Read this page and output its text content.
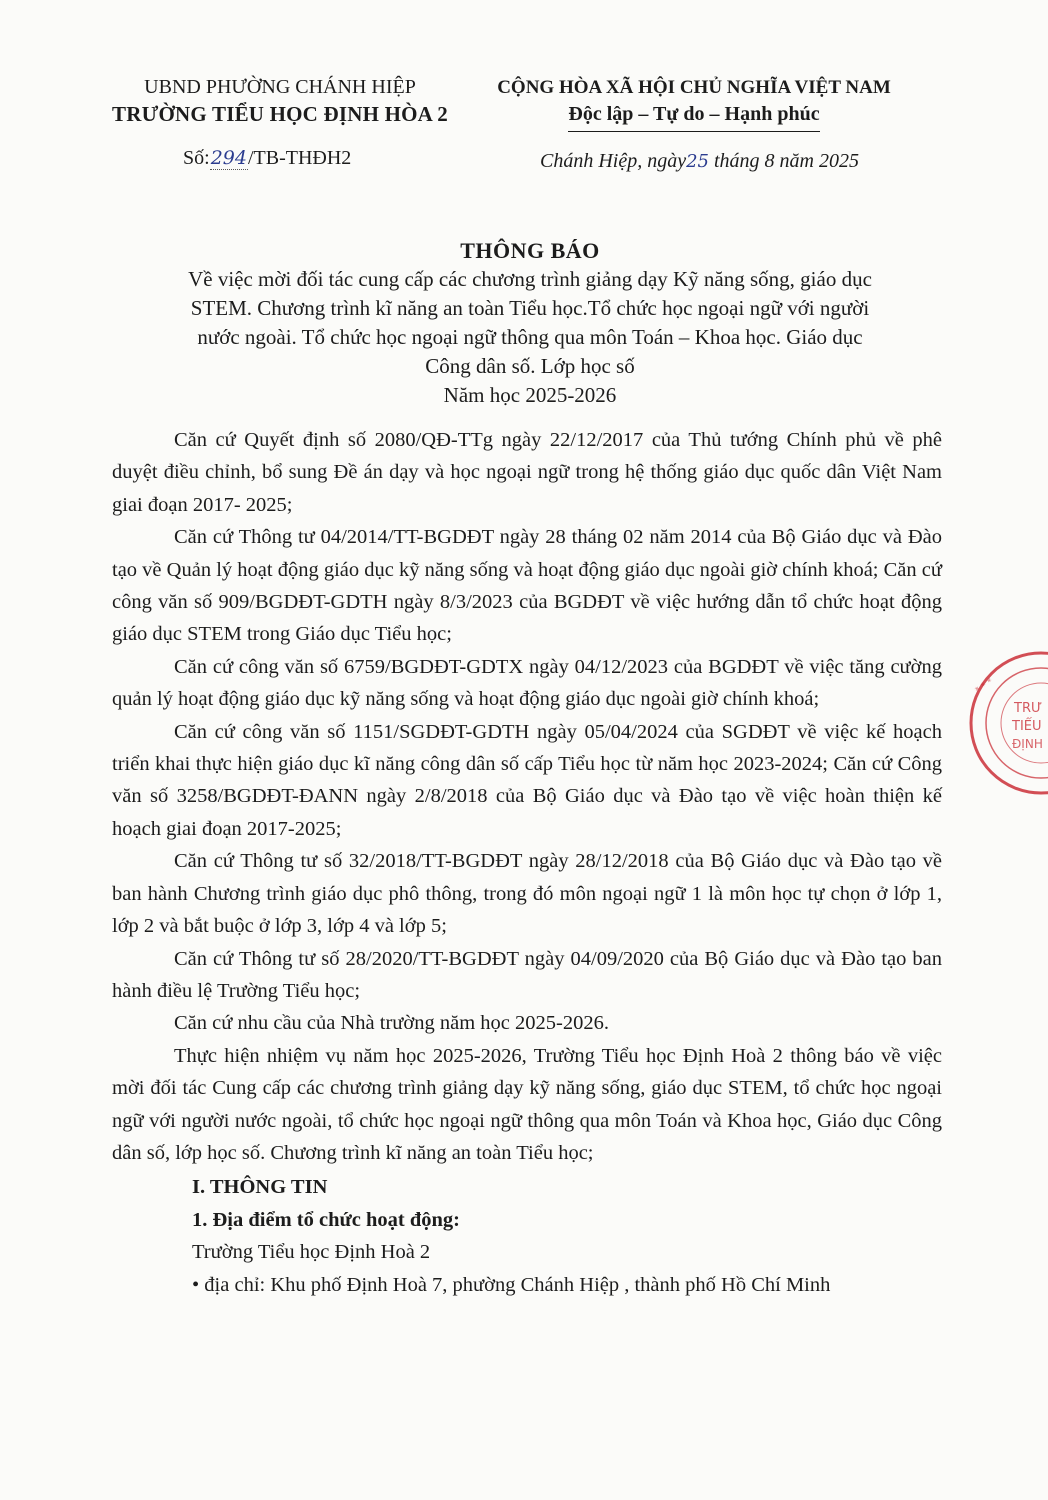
UBND PHƯỜNG CHÁNH HIỆP
TRƯỜNG TIỂU HỌC ĐỊNH HÒA 2
CỘNG HÒA XÃ HỘI CHỦ NGHĨA VIỆT NAM
Độc lập – Tự do – Hạnh phúc
Số:294/TB-THĐH2	Chánh Hiệp, ngày25 tháng 8 năm 2025
THÔNG BÁO
Về việc mời đối tác cung cấp các chương trình giảng dạy Kỹ năng sống, giáo dục
STEM. Chương trình kĩ năng an toàn Tiểu học.Tổ chức học ngoại ngữ với người
nước ngoài. Tổ chức học ngoại ngữ thông qua môn Toán – Khoa học. Giáo dục
Công dân số. Lớp học số
Năm học 2025-2026

Căn cứ Quyết định số 2080/QĐ-TTg ngày 22/12/2017 của Thủ tướng Chính phủ về phê duyệt điều chỉnh, bổ sung Đề án dạy và học ngoại ngữ trong hệ thống giáo dục quốc dân Việt Nam giai đoạn 2017- 2025;

Căn cứ Thông tư 04/2014/TT-BGDĐT ngày 28 tháng 02 năm 2014 của Bộ Giáo dục và Đào tạo về Quản lý hoạt động giáo dục kỹ năng sống và hoạt động giáo dục ngoài giờ chính khoá; Căn cứ công văn số 909/BGDĐT-GDTH ngày 8/3/2023 của BGDĐT về việc hướng dẫn tổ chức hoạt động giáo dục STEM trong Giáo dục Tiểu học;

Căn cứ công văn số 6759/BGDĐT-GDTX ngày 04/12/2023 của BGDĐT về việc tăng cường quản lý hoạt động giáo dục kỹ năng sống và hoạt động giáo dục ngoài giờ chính khoá;

Căn cứ công văn số 1151/SGDĐT-GDTH ngày 05/04/2024 của SGDĐT về việc kế hoạch triển khai thực hiện giáo dục kĩ năng công dân số cấp Tiểu học từ năm học 2023-2024; Căn cứ Công văn số 3258/BGDĐT-ĐANN ngày 2/8/2018 của Bộ Giáo dục và Đào tạo về việc hoàn thiện kế hoạch giai đoạn 2017-2025;

Căn cứ Thông tư số 32/2018/TT-BGDĐT ngày 28/12/2018 của Bộ Giáo dục và Đào tạo về ban hành Chương trình giáo dục phô thông, trong đó môn ngoại ngữ 1 là môn học tự chọn ở lớp 1, lớp 2 và bắt buộc ở lớp 3, lớp 4 và lớp 5;

Căn cứ Thông tư số 28/2020/TT-BGDĐT ngày 04/09/2020 của Bộ Giáo dục và Đào tạo ban hành điều lệ Trường Tiểu học;

Căn cứ nhu cầu của Nhà trường năm học 2025-2026.

Thực hiện nhiệm vụ năm học 2025-2026, Trường Tiểu học Định Hoà 2 thông báo về việc mời đối tác Cung cấp các chương trình giảng dạy kỹ năng sống, giáo dục STEM, tổ chức học ngoại ngữ với người nước ngoài, tổ chức học ngoại ngữ thông qua môn Toán và Khoa học, Giáo dục Công dân số, lớp học số. Chương trình kĩ năng an toàn Tiểu học;

I. THÔNG TIN

1. Địa điểm tổ chức hoạt động:

Trường Tiểu học Định Hoà 2

• địa chỉ: Khu phố Định Hoà 7, phường Chánh Hiệp , thành phố Hồ Chí Minh

TRƯ
TIỂU
ĐỊNH
* * *
